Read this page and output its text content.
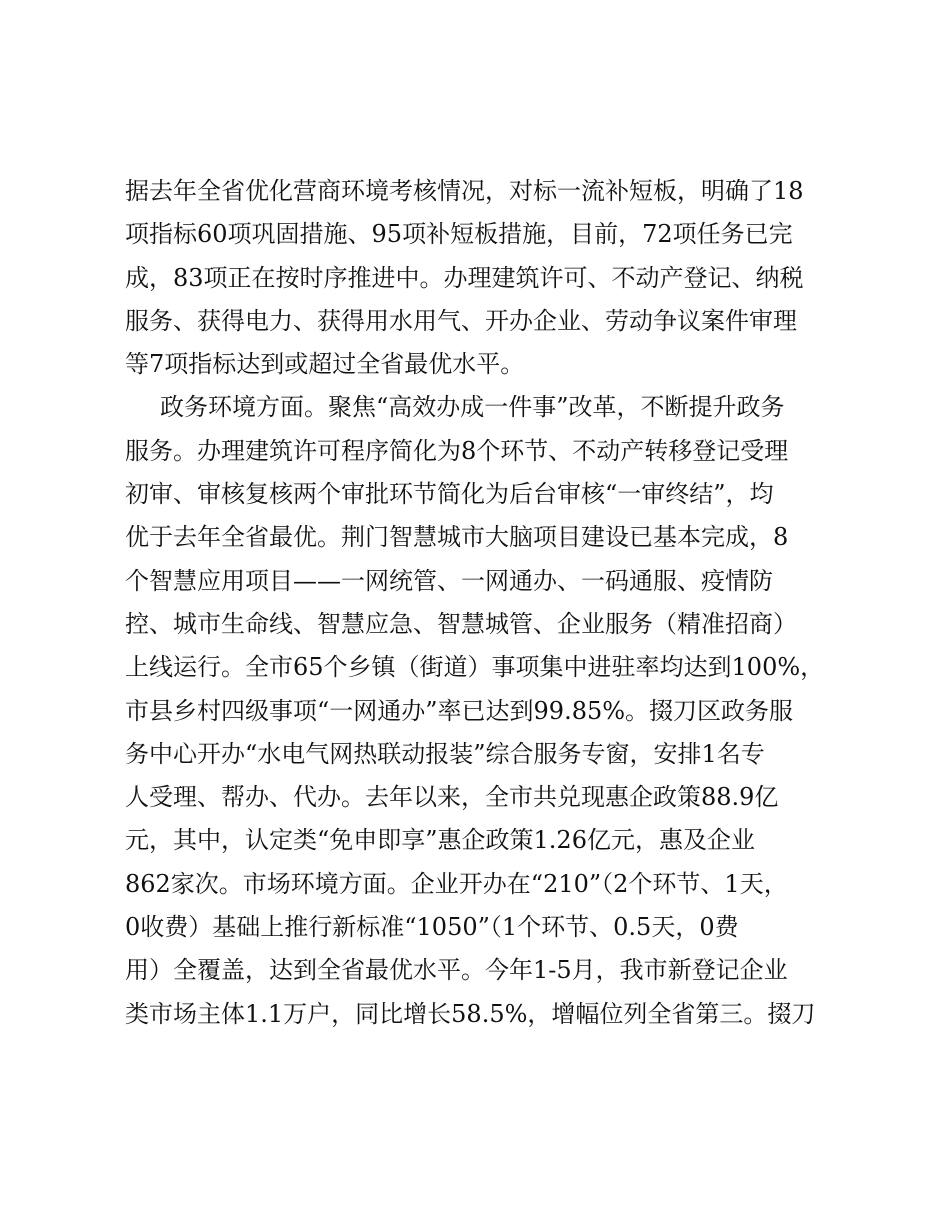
据去年全省优化营商环境考核情况，对标一流补短板，明确了18
项指标60项巩固措施、95项补短板措施，目前，72项任务已完
成，83项正在按时序推进中。办理建筑许可、不动产登记、纳税
服务、获得电力、获得用水用气、开办企业、劳动争议案件审理
等7项指标达到或超过全省最优水平。
政务环境方面。聚焦“高效办成一件事”改革，不断提升政务
服务。办理建筑许可程序简化为8个环节、不动产转移登记受理
初审、审核复核两个审批环节简化为后台审核“一审终结”，均
优于去年全省最优。荆门智慧城市大脑项目建设已基本完成，8
个智慧应用项目——一网统管、一网通办、一码通服、疫情防
控、城市生命线、智慧应急、智慧城管、企业服务（精准招商）
上线运行。全市65个乡镇（街道）事项集中进驻率均达到100%，
市县乡村四级事项“一网通办”率已达到99.85%。掇刀区政务服
务中心开办“水电气网热联动报装”综合服务专窗，安排1名专
人受理、帮办、代办。去年以来，全市共兑现惠企政策88.9亿
元，其中，认定类“免申即享”惠企政策1.26亿元，惠及企业
862家次。市场环境方面。企业开办在“210”（2个环节、1天，
0收费）基础上推行新标准“1050”（1个环节、0.5天，0费
用）全覆盖，达到全省最优水平。今年1-5月，我市新登记企业
类市场主体1.1万户，同比增长58.5%，增幅位列全省第三。掇刀
